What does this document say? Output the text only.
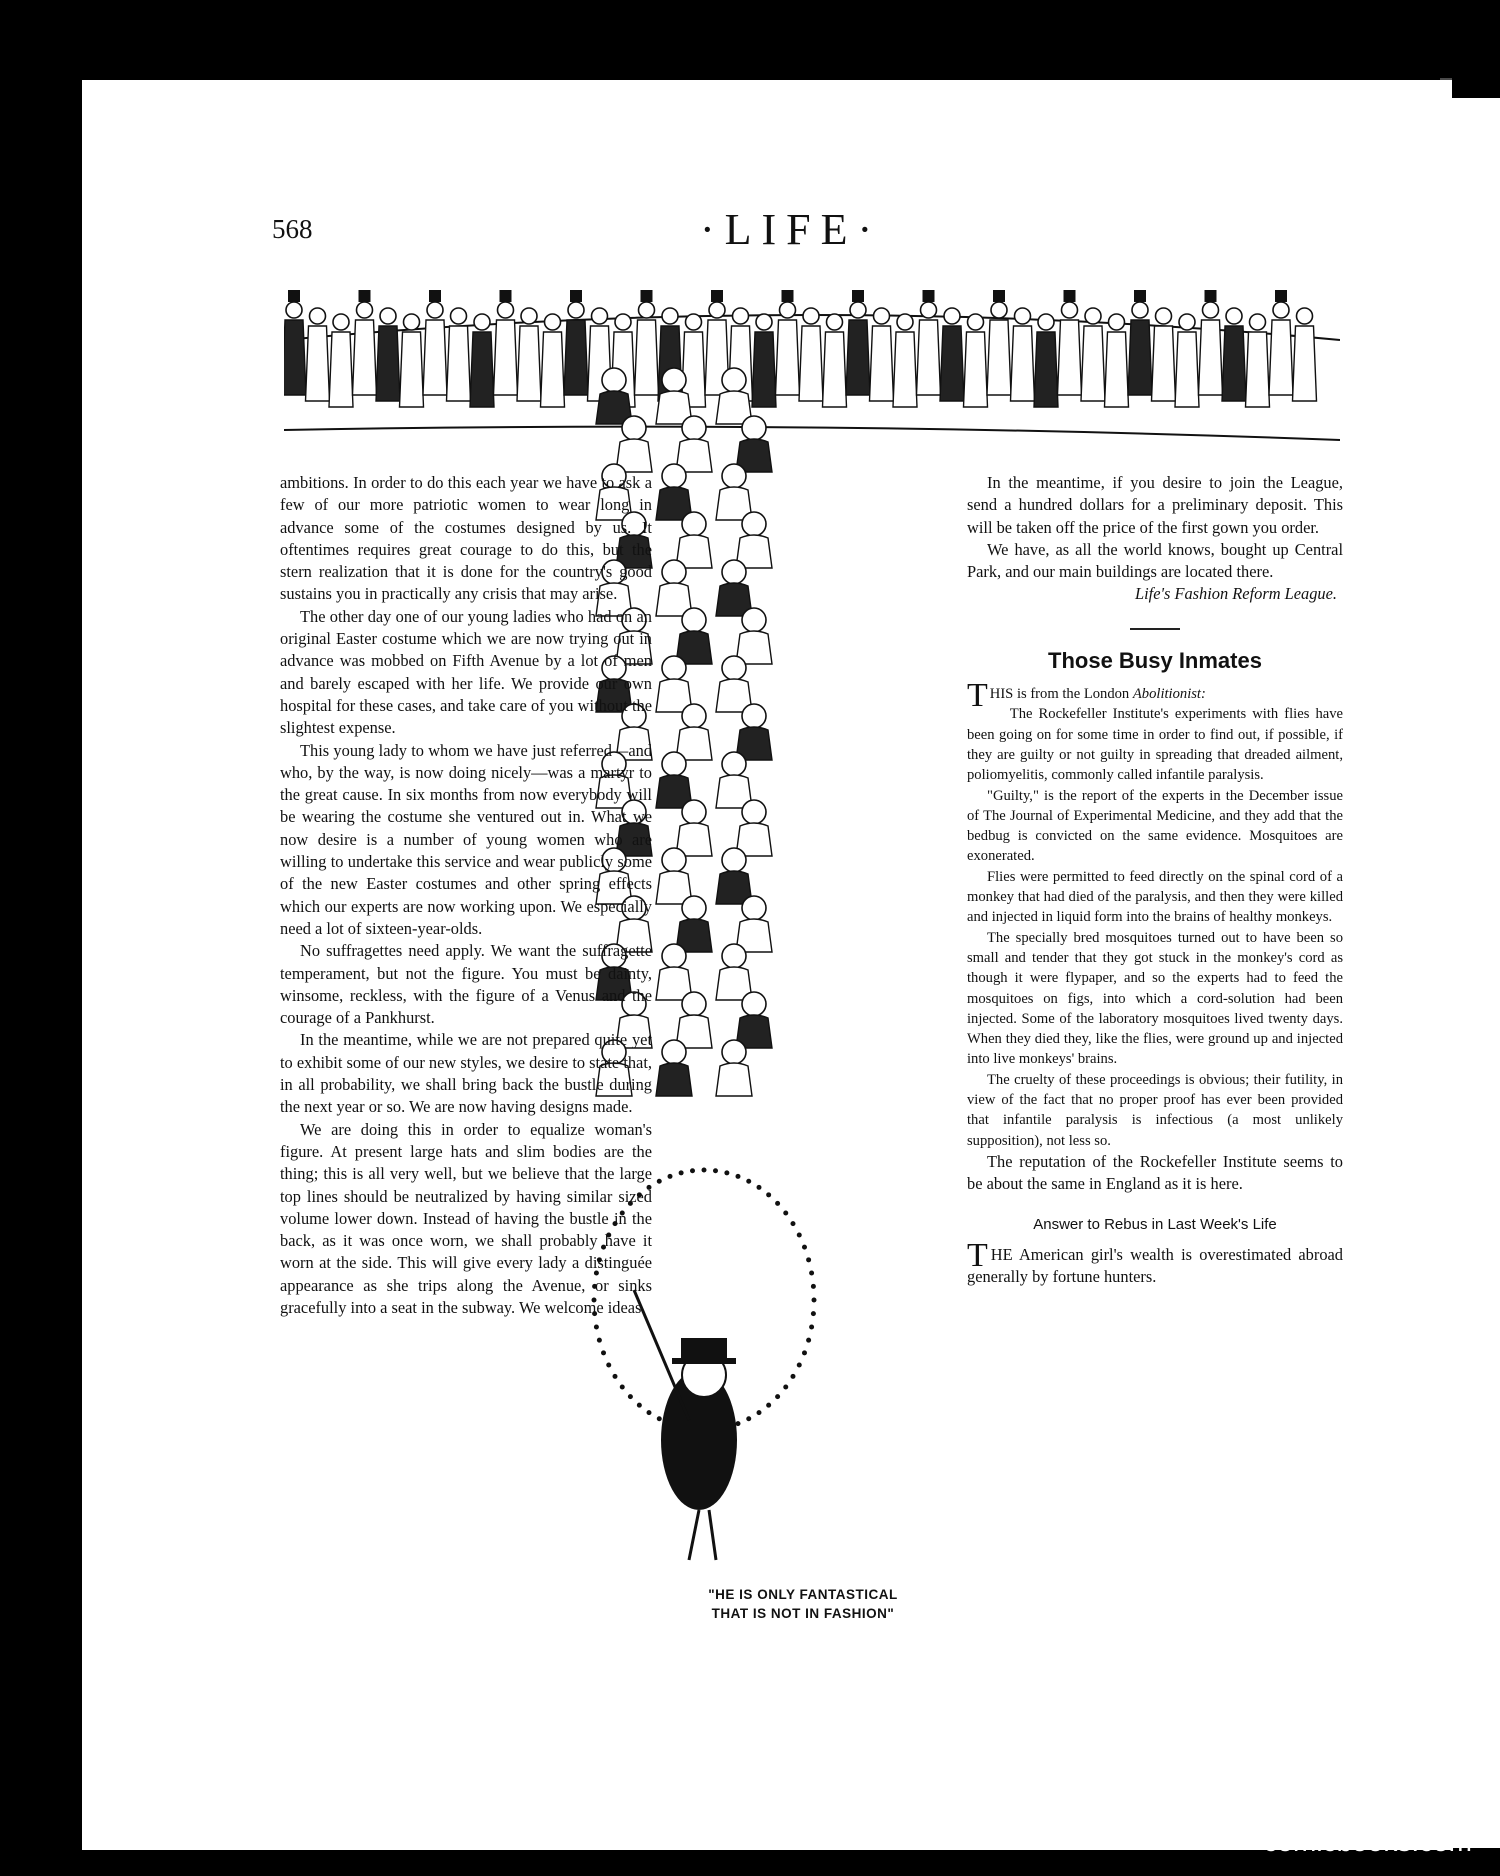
568	·LIFE·

ambitions. In order to do this each year we have to ask a few of our more patriotic women to wear long in advance some of the costumes designed by us. It oftentimes requires great courage to do this, but the stern realization that it is done for the country's good sustains you in practically any crisis that may arise.

The other day one of our young ladies who had on an original Easter costume which we are now trying out in advance was mobbed on Fifth Avenue by a lot of men and barely escaped with her life. We provide our own hospital for these cases, and take care of you without the slightest expense.

This young lady to whom we have just referred—and who, by the way, is now doing nicely—was a martyr to the great cause. In six months from now everybody will be wearing the costume she ventured out in. What we now desire is a number of young women who are willing to undertake this service and wear publicly some of the new Easter costumes and other spring effects which our experts are now working upon. We especially need a lot of sixteen-year-olds.

No suffragettes need apply. We want the suffragette temperament, but not the figure. You must be dainty, winsome, reckless, with the figure of a Venus and the courage of a Pankhurst.

In the meantime, while we are not prepared quite yet to exhibit some of our new styles, we desire to state that, in all probability, we shall bring back the bustle during the next year or so. We are now having designs made.

We are doing this in order to equalize woman's figure. At present large hats and slim bodies are the thing; this is all very well, but we believe that the large top lines should be neutralized by having similar sized volume lower down. Instead of having the bustle in the back, as it was once worn, we shall probably have it worn at the side. This will give every lady a distinguée appearance as she trips along the Avenue, or sinks gracefully into a seat in the subway. We welcome ideas.

In the meantime, if you desire to join the League, send a hundred dollars for a preliminary deposit. This will be taken off the price of the first gown you order.

We have, as all the world knows, bought up Central Park, and our main buildings are located there.

Life's Fashion Reform League.

Those Busy Inmates

THIS is from the London Abolitionist:

The Rockefeller Institute's experiments with flies have been going on for some time in order to find out, if possible, if they are guilty or not guilty in spreading that dreaded ailment, poliomyelitis, commonly called infantile paralysis.

"Guilty," is the report of the experts in the December issue of The Journal of Experimental Medicine, and they add that the bedbug is convicted on the same evidence. Mosquitoes are exonerated.

Flies were permitted to feed directly on the spinal cord of a monkey that had died of the paralysis, and then they were killed and injected in liquid form into the brains of healthy monkeys.

The specially bred mosquitoes turned out to have been so small and tender that they got stuck in the monkey's cord as though it were flypaper, and so the experts had to feed the mosquitoes on figs, into which a cord-solution had been injected. Some of the laboratory mosquitoes lived twenty days. When they died they, like the flies, were ground up and injected into live monkeys' brains.

The cruelty of these proceedings is obvious; their futility, in view of the fact that no proper proof has ever been provided that infantile paralysis is infectious (a most unlikely supposition), not less so.

The reputation of the Rockefeller Institute seems to be about the same in England as it is here.

Answer to Rebus in Last Week's Life

THE American girl's wealth is overestimated abroad generally by fortune hunters.

"HE IS ONLY FANTASTICAL
THAT IS NOT IN FASHION"
comicbooks.com
